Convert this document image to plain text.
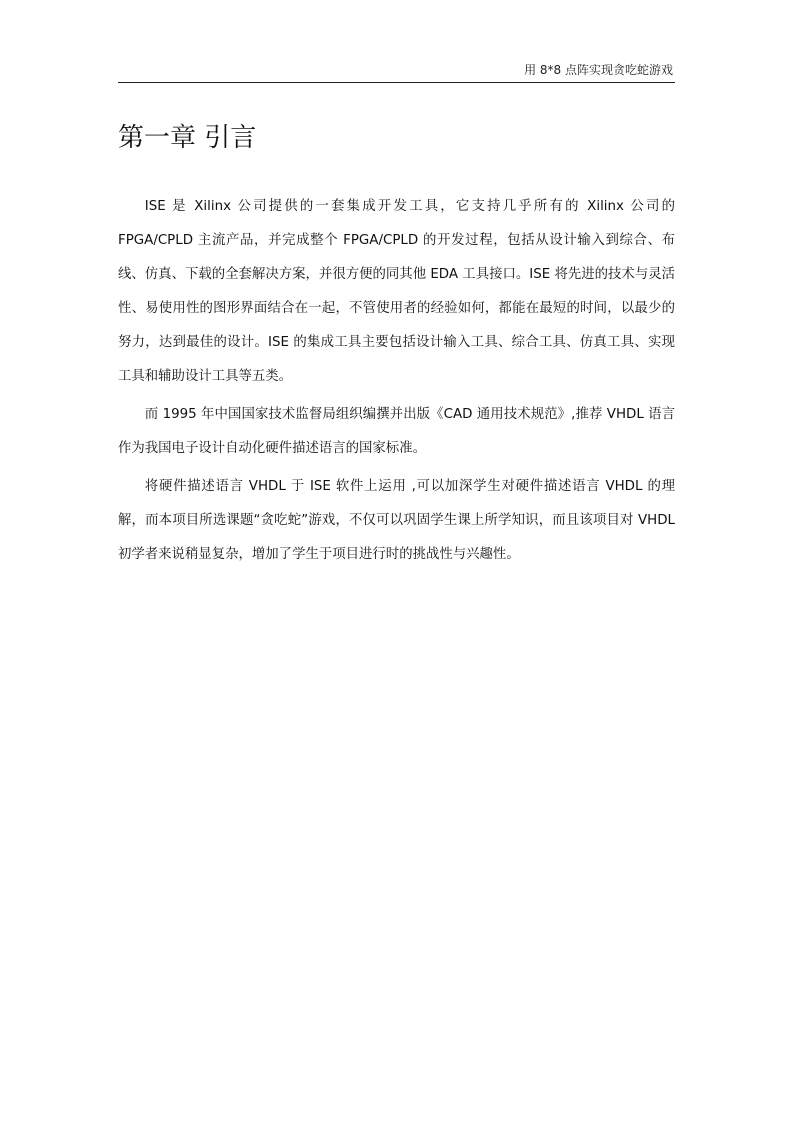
用 8*8 点阵实现贪吃蛇游戏
第一章 引言

ISE 是 Xilinx 公司提供的一套集成开发工具，它支持几乎所有的 Xilinx 公司的 FPGA/CPLD 主流产品，并完成整个 FPGA/CPLD 的开发过程，包括从设计输入到综合、布线、仿真、下载的全套解决方案，并很方便的同其他 EDA 工具接口。ISE 将先进的技术与灵活性、易使用性的图形界面结合在一起，不管使用者的经验如何，都能在最短的时间，以最少的努力，达到最佳的设计。ISE 的集成工具主要包括设计输入工具、综合工具、仿真工具、实现工具和辅助设计工具等五类。

而 1995 年中国国家技术监督局组织编撰并出版《CAD 通用技术规范》,推荐 VHDL 语言作为我国电子设计自动化硬件描述语言的国家标准。

将硬件描述语言 VHDL 于 ISE 软件上运用 ,可以加深学生对硬件描述语言 VHDL 的理解，而本项目所选课题“贪吃蛇”游戏，不仅可以巩固学生课上所学知识，而且该项目对 VHDL 初学者来说稍显复杂，增加了学生于项目进行时的挑战性与兴趣性。
